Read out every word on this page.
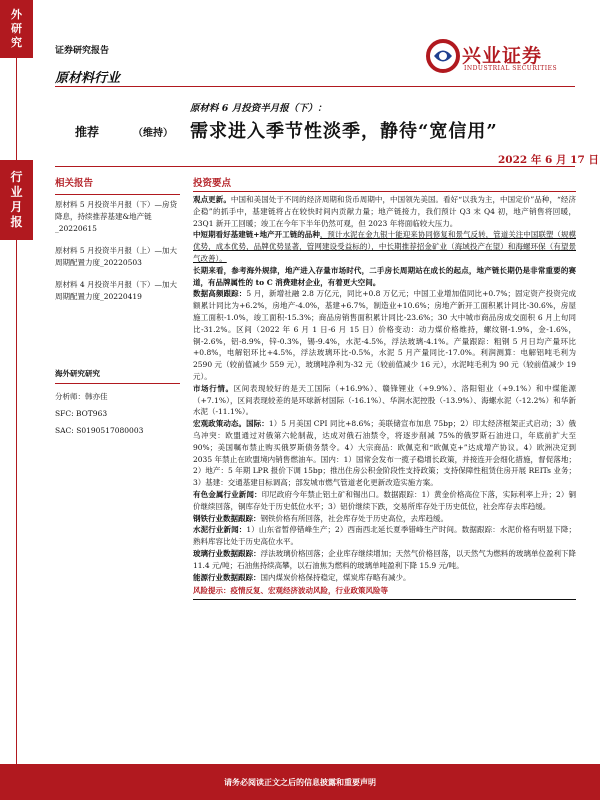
外
研
究
行
业
月
报
证券研究报告
原材料行业
兴业证券
INDUSTRIAL SECURITIES
原材料 6 月投资半月报（下）：
推荐	（维持） 需求进入季节性淡季，静待“宽信用”
2022 年 6 月 17 日
相关报告
原材料 5 月投资半月报（下）—房贷降息，持续推荐基建&地产链_20220615
原材料 5 月投资半月报（上）—加大周期配置力度_20220503
原材料 4 月投资半月报（下）—加大周期配置力度_20220419
海外研究研究
分析师：韩亦佳
SFC: BOT963
SAC: S0190517080003
投资要点

观点更新。中国和美国处于不同的经济周期和货币周期中，中国领先美国。看好“以我为主，中国定价”品种，“经济企稳”的抓手中，基建链将占在较快时间内贡献力量；地产链接力，我们预计 Q3 末 Q4 初，地产销售将回暖，23Q1 新开工回暖；竣工在今年下半年仍然可观，但 2023 年将面临较大压力。

中短期看好基建链+地产开工链的品种，预计水泥在金九银十能迎来协同修复和景气反转，管道关注中国联塑（规模优势，成本优势，品牌优势显著，管网建设受益标的），中长期推荐招金矿业（海域投产在望）和海螺环保（有望景气改善）。

长期来看，参考海外规律，地产进入存量市场时代，二手房长周期站在成长的起点，地产链长期仍是非常重要的赛道，有品牌属性的 to C 消费建材企业，有着更大空间。

数据高频跟踪：5 月，新增社融 2.8 万亿元，同比+0.8 万亿元；中国工业增加值同比+0.7%；固定资产投资完成额累计同比为+6.2%，房地产-4.0%，基建+6.7%，制造业+10.6%；房地产新开工面积累计同比-30.6%，房屋施工面积-1.0%，竣工面积-15.3%；商品房销售面积累计同比-23.6%；30 大中城市商品房成交面积 6 月上旬同比-31.2%。区间（2022 年 6 月 1 日-6 月 15 日）价格变动：动力煤价格维持，螺纹钢-1.9%，金-1.6%，铜-2.6%，铝-8.9%，锌-0.3%，锡-9.4%，水泥-4.5%，浮法玻璃-4.1%。产量跟踪：粗钢 5 月日均产量环比+0.8%，电解铝环比+4.5%，浮法玻璃环比-0.5%，水泥 5 月产量同比-17.0%。利润测算：电解铝吨毛利为 2590 元（较前值减少 559 元），玻璃吨净利为-32 元（较前值减少 16 元），水泥吨毛利为 90 元（较前值减少 19 元）。

市场行情。区间表现较好的是天工国际（+16.9%）、赣锋锂业（+9.9%）、洛阳钼业（+9.1%）和中煤能源（+7.1%），区间表现较差的是环球新材国际（-16.1%）、华润水泥控股（-13.9%）、海螺水泥（-12.2%）和华新水泥（-11.1%）。

宏观政策动态。国际：1）5 月美国 CPI 同比+8.6%；美联储宣布加息 75bp；2）印太经济框架正式启动；3）俄乌冲突：欧盟通过对俄第六轮制裁，达成对俄石油禁令，将逐步削减 75%的俄罗斯石油进口，年底前扩大至 90%；美国嘱布禁止购买俄罗斯债务禁令。4）大宗商品：欧佩克和“欧佩克+”达成增产协议。4）欧洲决定到 2035 年禁止在欧盟境内销售燃油车。国内：1）国常会发布一揽子稳增长政策，并接连开会细化措施，督促落地；2）地产：5 年期 LPR 报价下调 15bp；推出住房公积金阶段性支持政策；支持保障性租赁住房开展 REITs 业务；3）基建：交通基建目标调高；部发城市燃气管道老化更新改造实施方案。

有色金属行业新闻：印尼政府今年禁止铝土矿和锡出口。数据跟踪：1）黄金价格高位下落，实际利率上升；2）铜价继续回落，铜库存处于历史低位水平；3）铝价继续下跌，交易所库存处于历史低位，社会库存去库趋缓。

钢铁行业数据跟踪：钢铁价格有所回落，社会库存处于历史高位，去库趋缓。

水泥行业新闻：1）山东省暂停错峰生产；2）西南西北延长夏季错峰生产时间。数据跟踪：水泥价格有明显下降；熟料库容比处于历史高位水平。

玻璃行业数据跟踪：浮法玻璃价格回落；企业库存继续增加；天然气价格回落，以天然气为燃料的玻璃单位盈利下降 11.4 元/吨；石油焦持续高攀，以石油焦为燃料的玻璃单吨盈利下降 15.9 元/吨。

能源行业数据跟踪：国内煤炭价格保持稳定，煤炭库存略有减少。

风险提示：疫情反复、宏观经济波动风险，行业政策风险等
请务必阅读正文之后的信息披露和重要声明
